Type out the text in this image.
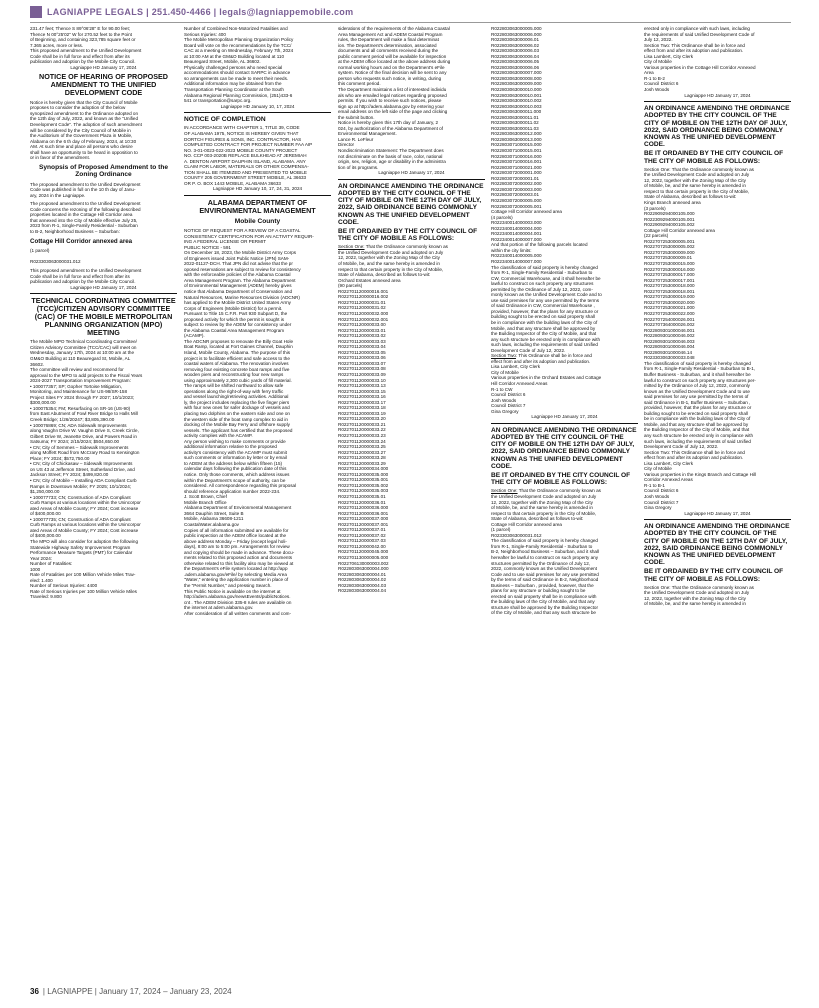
LAGNIAPPE LEGALS | 251.450-4466 | legals@lagniappemobile.com
231.47 feet; Thence S 89°06'28" E for 90.00 feet;
Thence N 00°25'02" W for 270.52 feet to the Point
of Beginning, and containing 323,785 square feet or
7.365 acres, more or less.
This proposed amendment to the Unified Development
Code shall be in full force and effect from after its
publication and adoption by the Mobile City Council.
Lagniappe HD January 17, 2024
NOTICE OF HEARING OF PROPOSED AMENDMENT TO THE UNIFIED DEVELOPMENT CODE
Notice is hereby given that the City Council of Mobile
proposes to consider the adoption of the below
synopsized amendment to the Ordinance adopted on
the 12th day of July, 2022, and known as the "Unified
Development Code". The adoption of such amendment
will be considered by the City Council of Mobile in
the Auditorium of the Government Plaza in Mobile,
Alabama on the 6 th day of February, 2024, at 10:30
AM. At such time and place all persons who desire
shall have an opportunity to be heard in opposition to
or in favor of the amendment.
Synopsis of Proposed Amendment to the Zoning Ordinance
The proposed amendment to the Unified Development
Code was published in full on the 10 th day of Janu-
ary, 2024 in the Lagniappe.
The proposed amendment to the Unified Development
Code concerns the rezoning of the following described
properties located in the Cottage Hill Corridor area
that annexed into the City of Mobile effective July 25,
2023 from R-1, Single-Family Residential - Suburban
to B-2, Neighborhood Business – Suburban:
Cottage Hill Corridor annexed area
(1 parcel)

R023303063000031.012
This proposed amendment to the Unified Development
Code shall be in full force and effect from after its
publication and adoption by the Mobile City Council.
Lagniappe HD January 17, 2024
TECHNICAL COORDINATING COMMITTEE (TCC)/CITIZEN ADVISORY COMMITTEE (CAC) OF THE MOBILE METROPOLITAN PLANNING ORGANIZATION (MPO) MEETING
The Mobile MPO Technical Coordinating Committee/
Citizen Advisory Committee (TCC/CAC) will meet on
Wednesday, January 17th, 2024 at 10:00 am at the
GM&O Building at 110 Beauregard St, Mobile, AL
36602.
The committee will review and recommend for
approval to the MPO to add projects to the Fiscal Years
2024-2027 Transportation Improvement Program:
• 100077357; SP; Gopher Tortoise Mitigation,
Monitoring, and Maintenance for US-98/SR-158
Project Sites FY 2024 through FY 2027; 10/1/2023;
$300,000.00
• 100075354; FM; Resurfacing on SR-16 (US-90)
from East Abutment of Fowl River Bridge to Halls Mill
Creek Bridge; 1/26/20247; $3,805,390.00
• 100076869; CN; ADA Sidewalk Improvements
along Vaughn Drive W. Vaughn Drive S, Creek Circle,
Gilbert Drive W, Jeanette Drive, and Powers Road in
Satsuma; FY 2024; 2/15/2024; $504,650.00
• CN; City of Semmes – Sidewalk Improvements
along Moffett Road from McCrary Road to Kensington
Place; FY 2024; $572,750.00
• CN; City of Chickasaw – Sidewalk Improvements
on US 43 at Jefferson Street, Sutherland Drive, and
Jackson Street; FY 2024; $499,820.00
• CN; City of Mobile – Installing ADA Compliant Curb
Ramps in Downtown Mobile; FY 2025; 10/1/2024;
$1,250,000.00
• 100077733; CN; Construction of ADA Compliant
Curb Ramps at various locations within the Unincorpor
ated Areas of Mobile County; FY 2024; Cost increase
of $400,000.00
• 100077735; CN; Construction of ADA Compliant
Curb Ramps at various locations within the Unincorpor
ated Areas of Mobile County; FY 2024; Cost increase
of $400,000.00
The MPO will also consider for adoption the following
Statewide Highway Safety Improvement Program
Performance Measure Targets (PMT) for Calendar
Year 2024:
Number of Fatalities:
1000
Rate of Fatalities per 100 Million Vehicle Miles Trav-
eled: 1.400
Number of Serious Injuries: 4400
Rate of Serious Injuries per 100 Million Vehicle Miles
Traveled: 9.800
Number of Combined Non-Motorized Fatalities and
Serious Injuries: 400
The Mobile Metropolitan Planning Organization Policy
Board will vote on the recommendations by the TCC/
CAC at a meeting on Wednesday, February 7th, 2024
at 10:00 AM at the GM&O Building located at 110
Beauregard Street, Mobile, AL 36602.
Physically challenged persons who need special
accommodations should contact SARPC in advance
so arrangements can be made to meet their needs.
Additional information may be obtained from the
Transportation Planning Coordinator at the South
Alabama Regional Planning Commission, (251)433-6
541 or transportation@sarpc.org.
Lagniappe HD January 10, 17, 2024
NOTICE OF COMPLETION
IN ACCORDANCE WITH CHAPTER 1, TITLE 39, CODE
OF ALABAMA 1975, NOTICE IS HEREBY GIVEN THAT
DORTCH FIGURES & SONS, INC. CONTRACTOR, HAS
COMPLETED CONTRACT FOR PROJECT NUMBER FAA AIP
NO. 3-01-0023-022-2023 MOBILE COUNTY PROJECT
NO. CCP 003-2020B REPLACE BULKHEAD AT JEREMIAH
A. DENTON AIRPORT DAUPHIN ISLAND, ALABAMA. ANY
CLAIM FOR LABOR, MATERIALS OR OTHER COMPENSA-
TION SHALL BE ITEMIZED AND PRESENTED TO MOBILE
COUNTY 205 GOVERNMENT STREET MOBILE, AL 36633
OR P. O. BOX 1443 MOBILE, ALABAMA 36633
Lagniappe HD January 10, 17, 24, 31, 2024
ALABAMA DEPARTMENT OF ENVIRONMENTAL MANAGEMENT
Mobile County
NOTICE OF REQUEST FOR A REVIEW OF A COASTAL
CONSISTENCY CERTIFICATION FOR AN ACTIVITY REQUIR-
ING A FEDERAL LICENSE OR PERMIT
PUBLIC NOTICE - 591
On December 18, 2023, the Mobile District Army Corps
of Engineers issued Joint Public Notice (JPN) SAM-
2022-01127-DCH. That JPN did not advise that the pr
oposed reservations are subject to review for consistency
with the enforceable policies of the Alabama Coastal
Area Management Program. The Alabama Department
of Environmental Management (ADEM) hereby gives
notice that Alabama Department of Conservation and
Natural Resources, Marine Resources Division (ADCNR)
has applied to the Mobile District United States Army
Corps of Engineers (Mobile District) for a permit.
Pursuant to Title 15 C.F.R. Part 930 Subpart D, the
proposed activity for which the permit is sought is
subject to review by the ADEM for consistency under
the Alabama Coastal Area Management Program
(ACAMP).
The ADCNR proposes to renovate the Billy Goat Hole
Boat Ramp, located at Fort Gaines Channel, Dauphin
Island, Mobile County, Alabama. The purpose of this
project is to facilitate efficient and safe access to the
coastal waters of Alabama. The renovation involves
removing four existing concrete boat ramps and five
wooden piers and reconstructing four new ramps
using approximately 2,300 cubic yards of fill material.
The ramps will be shifted northward to allow safe
operations along the right-of-way with ferry traffic
and vessel launching/retrieving activities. Additional
ly, the project includes replacing the five finger piers
with four new ones for safer dockage of vessels and
placing two dolphins on the eastern side and one on
the western side of the boat ramp complex to aid in
docking of the Mobile Bay Ferry and offshore supply
vessels. The applicant has certified that the proposed
activity complies with the ACAMP.
Any person wishing to make comments or provide
additional information relative to the proposed
activity's consistency with the ACAMP must submit
such comments or information by letter or by email
to ADEM at the address below within fifteen (15)
calendar days following the publication date of this
notice. Only those comments, which address issues
within the Department's scope of authority, can be
considered. All correspondence regarding this proposal
should reference application number 2022-234.
J. Scott Brown, Chief
Mobile Branch Office
Alabama Department of Environmental Management
3664 Dauphin Street, Suite B
Mobile, Alabama 36608-1211
CoastalWater.alabama.gov
Copies of all information submitted are available for
public inspection at the ADEM office located at the
above address Monday – Friday (except legal holi-
days), 8:00 am to 5:00 pm. Arrangements for review
and copying should be made in advance. These docu-
ments related to this proposed action and documents
otherwise related to this facility also may be viewed at
the Department's eFile system located at http://app
.adem.alabama.gov/eFile/ by selecting Media Area
"Water," entering the application number in place of
the "Permit Number," and pressing Search.
This Public Notice is available on the internet at
http://adem.alabama.gov/newsEvents/publicNotices.
cnt . The ADEM Division 335-8 rules are available on
the internet at adem.alabama.gov.
After consideration of all written comments and com-
siderations of the requirements of the Alabama Coastal
Area Management Act and ADEM Coastal Program
rules, the Department will make a final determinat
ion. The Department's determination, associated
documents and all comments received during the
public comment period will be available for inspection
at the ADEM office located at the above address during
normal working hours and on the Department's eFile
system. Notice of the final decision will be sent to any
person who requests such notice, in writing, during
this comment period.
The Department maintains a list of interested individu
als who are emailed legal notices regarding proposed
permits. If you wish to receive such notices, please
sign up at http://adem.alabama.gov by entering your
email address on the left side of the page and clicking
the submit button.
Notice is hereby given this 17th day of January, 2
024, by authorization of the Alabama Department of
Environmental Management.
Lance R. LeFleur
Director
Nondiscrimination Statement: The Department does
not discriminate on the basis of race, color, national
origin, sex, religion, age or disability in the administra
tion of its programs.
Lagniappe HD January 17, 2024
AN ORDINANCE AMENDING THE ORDINANCE ADOPTED BY THE CITY COUNCIL OF THE CITY OF MOBILE ON THE 12TH DAY OF JULY, 2022, SAID ORDINANCE BEING COMMONLY KNOWN AS THE UNIFIED DEVELOPMENT CODE.
BE IT ORDAINED BY THE CITY COUNCIL OF THE CITY OF MOBILE AS FOLLOWS:
Section One: That the Ordinance commonly known as
the Unified Development Code and adopted on July
12, 2022, together with the Zoning Map of the City
of Mobile, be, and the same hereby is amended in
respect to that certain property in the City of Mobile,
State of Alabama, described as follows to-wit:
Orchard Estates annexed area
(90 parcels)
R022701120000016.001
R022701120000016.002
R022701120000031.01
R022701120000031.02
R022701120000032.000
R022701120000032.001
R022701120000033.00
R022701120000033.01
R022701120000033.02
R022701120000033.03
R022701120000033.04
R022701120000033.05
R022701120000033.06
R022701120000033.07
R022701120000033.08
R022701120000033.09
R022701120000033.10
R022701120000033.13
R022701120000033.15
R022701120000033.16
R022701120000033.17
R022701120000033.18
R022701120000033.19
R022701120000033.20
R022701120000033.21
R022701120000033.22
R022701120000033.23
R022701120000033.24
R022701120000033.25
R022701120000033.27
R022701120000033.28
R022701120000033.29
R022701120000034.000
R022701120000035.000
R022701120000035.001
R022701120000035.002
R022701120000035.003
R022701120000035.01
R022701120000036.01
R022701120000036.000
R022701120000036.001
R022701120000037.000
R022701120000037.001
R022701120000037.01
R022701120000037.02
R022701120000037.03
R022701120000042.00
R022701120000045.000
R022701130000005.000
R022706130000003.002
R022803063000004.000
R022803063000004.01
R022803063000004.02
R022803063000004.03
R022803063000004.04
R022803063000005.000
R022803063000006.000
R022803063000006.01
R022803063000006.02
R022803063000006.03
R022803063000006.04
R022803063000006.05
R022803063000006.06
R022803063000007.000
R022803063000008.000
R022803063000009.000
R022803063000010.000
R022803063000010.001
R022803063000010.002
R022803063000010.003
R022803063000011.000
R022803063000011.01
R022803063000011.02
R022803063000011.03
R022803063000012.000
R022803063000013.000
R022803071000015.000
R022803071000015.001
R022803071000016.000
R022803071000016.001
R022803071000021.000
R022803072000001.000
R022803072000001.01
R022803072000002.000
R022803072000003.000
R022803072000003.01
R022803072000005.000
R022803072000005.001
Cottage Hill Corridor annexed area
(4 parcels)
R022340014000003.000
R022340014000004.000
R022340014000004.001
R022340014000007.000
And that portion of the following parcels located
within the city limits:
R022340014000005.000
R022340014000007.000
The classification of said property is hereby changed
from R-1, Single-Family Residential - Suburban to
CW, Commercial Warehouse, and it shall hereafter be
lawful to construct on such property any structures
permitted by the Ordinance of July 12, 2022, com-
monly known as the Unified Development Code and to
use said premises for any use permitted by the terms
of said Ordinance in CW, Commercial Warehouse ,
provided, however, that the plans for any structure or
building sought to be erected on said property shall
be in compliance with the building laws of the City of
Mobile, and that any structure shall be approved by
the Building Inspector of the City of Mobile, and that
any such structure be erected only in compliance with
such laws, including the requirements of said Unified
Development Code of July 12, 2022.
Section Two: This Ordinance shall be in force and
effect from and after its adoption and publication.
Lisa Lambert, City Clerk
City of Mobile
Various properties in the Orchard Estates and Cottage
Hill Corridor Annexed Areas
R-1 to CW
Council District 6
Josh Woods
Council District 7
Gina Gregory
Lagniappe HD January 17, 2024
AN ORDINANCE AMENDING THE ORDINANCE ADOPTED BY THE CITY COUNCIL OF THE CITY OF MOBILE ON THE 12TH DAY OF JULY, 2022, SAID ORDINANCE BEING COMMONLY KNOWN AS THE UNIFIED DEVELOPMENT CODE.
BE IT ORDAINED BY THE CITY COUNCIL OF THE CITY OF MOBILE AS FOLLOWS:
Section One: That the Ordinance commonly known as
the Unified Development Code and adopted on July
12, 2022, together with the Zoning Map of the City
of Mobile, be, and the same hereby is amended in
respect to that certain property in the City of Mobile,
State of Alabama, described as follows to-wit:
Cottage Hill Corridor annexed area
(1 parcel)
R023303063000031.012
The classification of said property is hereby changed
from R-1, Single-Family Residential - Suburban to
B-2, Neighborhood Business – Suburban, and it shall
hereafter be lawful to construct on such property any
structures permitted by the Ordinance of July 12,
2022, commonly known as the Unified Development
Code and to use said premises for any use permitted
by the terms of said Ordinance in B-2, Neighborhood
Business – Suburban , provided, however, that the
plans for any structure or building sought to be
erected on said property shall be in compliance with
the building laws of the City of Mobile, and that any
structure shall be approved by the Building Inspector
of the City of Mobile, and that any such structure be
erected only in compliance with such laws, including
the requirements of said Unified Development Code of
July 12, 2022.
Section Two: This Ordinance shall be in force and
effect from and after its adoption and publication.
Lisa Lambert, City Clerk
City of Mobile
Various properties in the Cottage Hill Corridor Annexed
Area
R-1 to B-2
Council District 6
Josh Woods
Lagniappe HD January 17, 2024
AN ORDINANCE AMENDING THE ORDINANCE ADOPTED BY THE CITY COUNCIL OF THE CITY OF MOBILE ON THE 12TH DAY OF JULY, 2022, SAID ORDINANCE BEING COMMONLY KNOWN AS THE UNIFIED DEVELOPMENT CODE.
BE IT ORDAINED BY THE CITY COUNCIL OF THE CITY OF MOBILE AS FOLLOWS:
Section One: That the Ordinance commonly known as
the Unified Development Code and adopted on July
12, 2022, together with the Zoning Map of the City
of Mobile, be, and the same hereby is amended in
respect to that certain property in the City of Mobile,
State of Alabama, described as follows to-wit:
Kings Branch annexed area
(3 parcels)
R022909294000105.000
R022309294000105.001
R022909294000105.002
Cottage Hill Corridor annexed area
(22 parcels)
R022707253000005.001
R022707253000005.002
R022707253000009.000
R022707253000009.01
R022707253000015.000
R022707253000016.000
R022707253000017.000
R022707253000017.001
R022707253000018.000
R022707253000018.001
R022707253000019.000
R022707253000020.000
R022707253000021.000
R022707253000022.000
R022707254000026.001
R022707364000026.002
R022809301000046.001
R022809301000046.002
R022809301000046.003
R022809301000046.004
R022809301000046.14
R023303063000033.048
The classification of said property is hereby changed
from R-1, Single-Family Residential - Suburban to B-1,
Buffer Business - Suburban, and it shall hereafter be
lawful to construct on such property any structures per-
mitted by the Ordinance of July 12, 2022, commonly
known as the Unified Development Code and to use
said premises for any use permitted by the terms of
said Ordinance in B-1, Buffer Business – Suburban ,
provided, however, that the plans for any structure or
building sought to be erected on said property shall
be in compliance with the building laws of the City of
Mobile, and that any structure shall be approved by
the Building Inspector of the City of Mobile, and that
any such structure be erected only in compliance with
such laws, including the requirements of said Unified
Development Code of July 12, 2022.
Section Two: This Ordinance shall be in force and
effect from and after its adoption and publication.
Lisa Lambert, City Clerk
City of Mobile
Various properties in the Kings Branch and Cottage Hill
Corridor Annexed Areas
R-1 to B-1
Council District 6
Josh Woods
Council District 7
Gina Gregory
Lagniappe HD January 17, 2024
AN ORDINANCE AMENDING THE ORDINANCE ADOPTED BY THE CITY COUNCIL OF THE CITY OF MOBILE ON THE 12TH DAY OF JULY, 2022, SAID ORDINANCE BEING COMMONLY KNOWN AS THE UNIFIED DEVELOPMENT CODE.
BE IT ORDAINED BY THE CITY COUNCIL OF THE CITY OF MOBILE AS FOLLOWS:
Section One: That the Ordinance commonly known as
the Unified Development Code and adopted on July
12, 2022, together with the Zoning Map of the City
of Mobile, be, and the same hereby is amended in
36 | LAGNIAPPE | January 17, 2024 – January 23, 2024
